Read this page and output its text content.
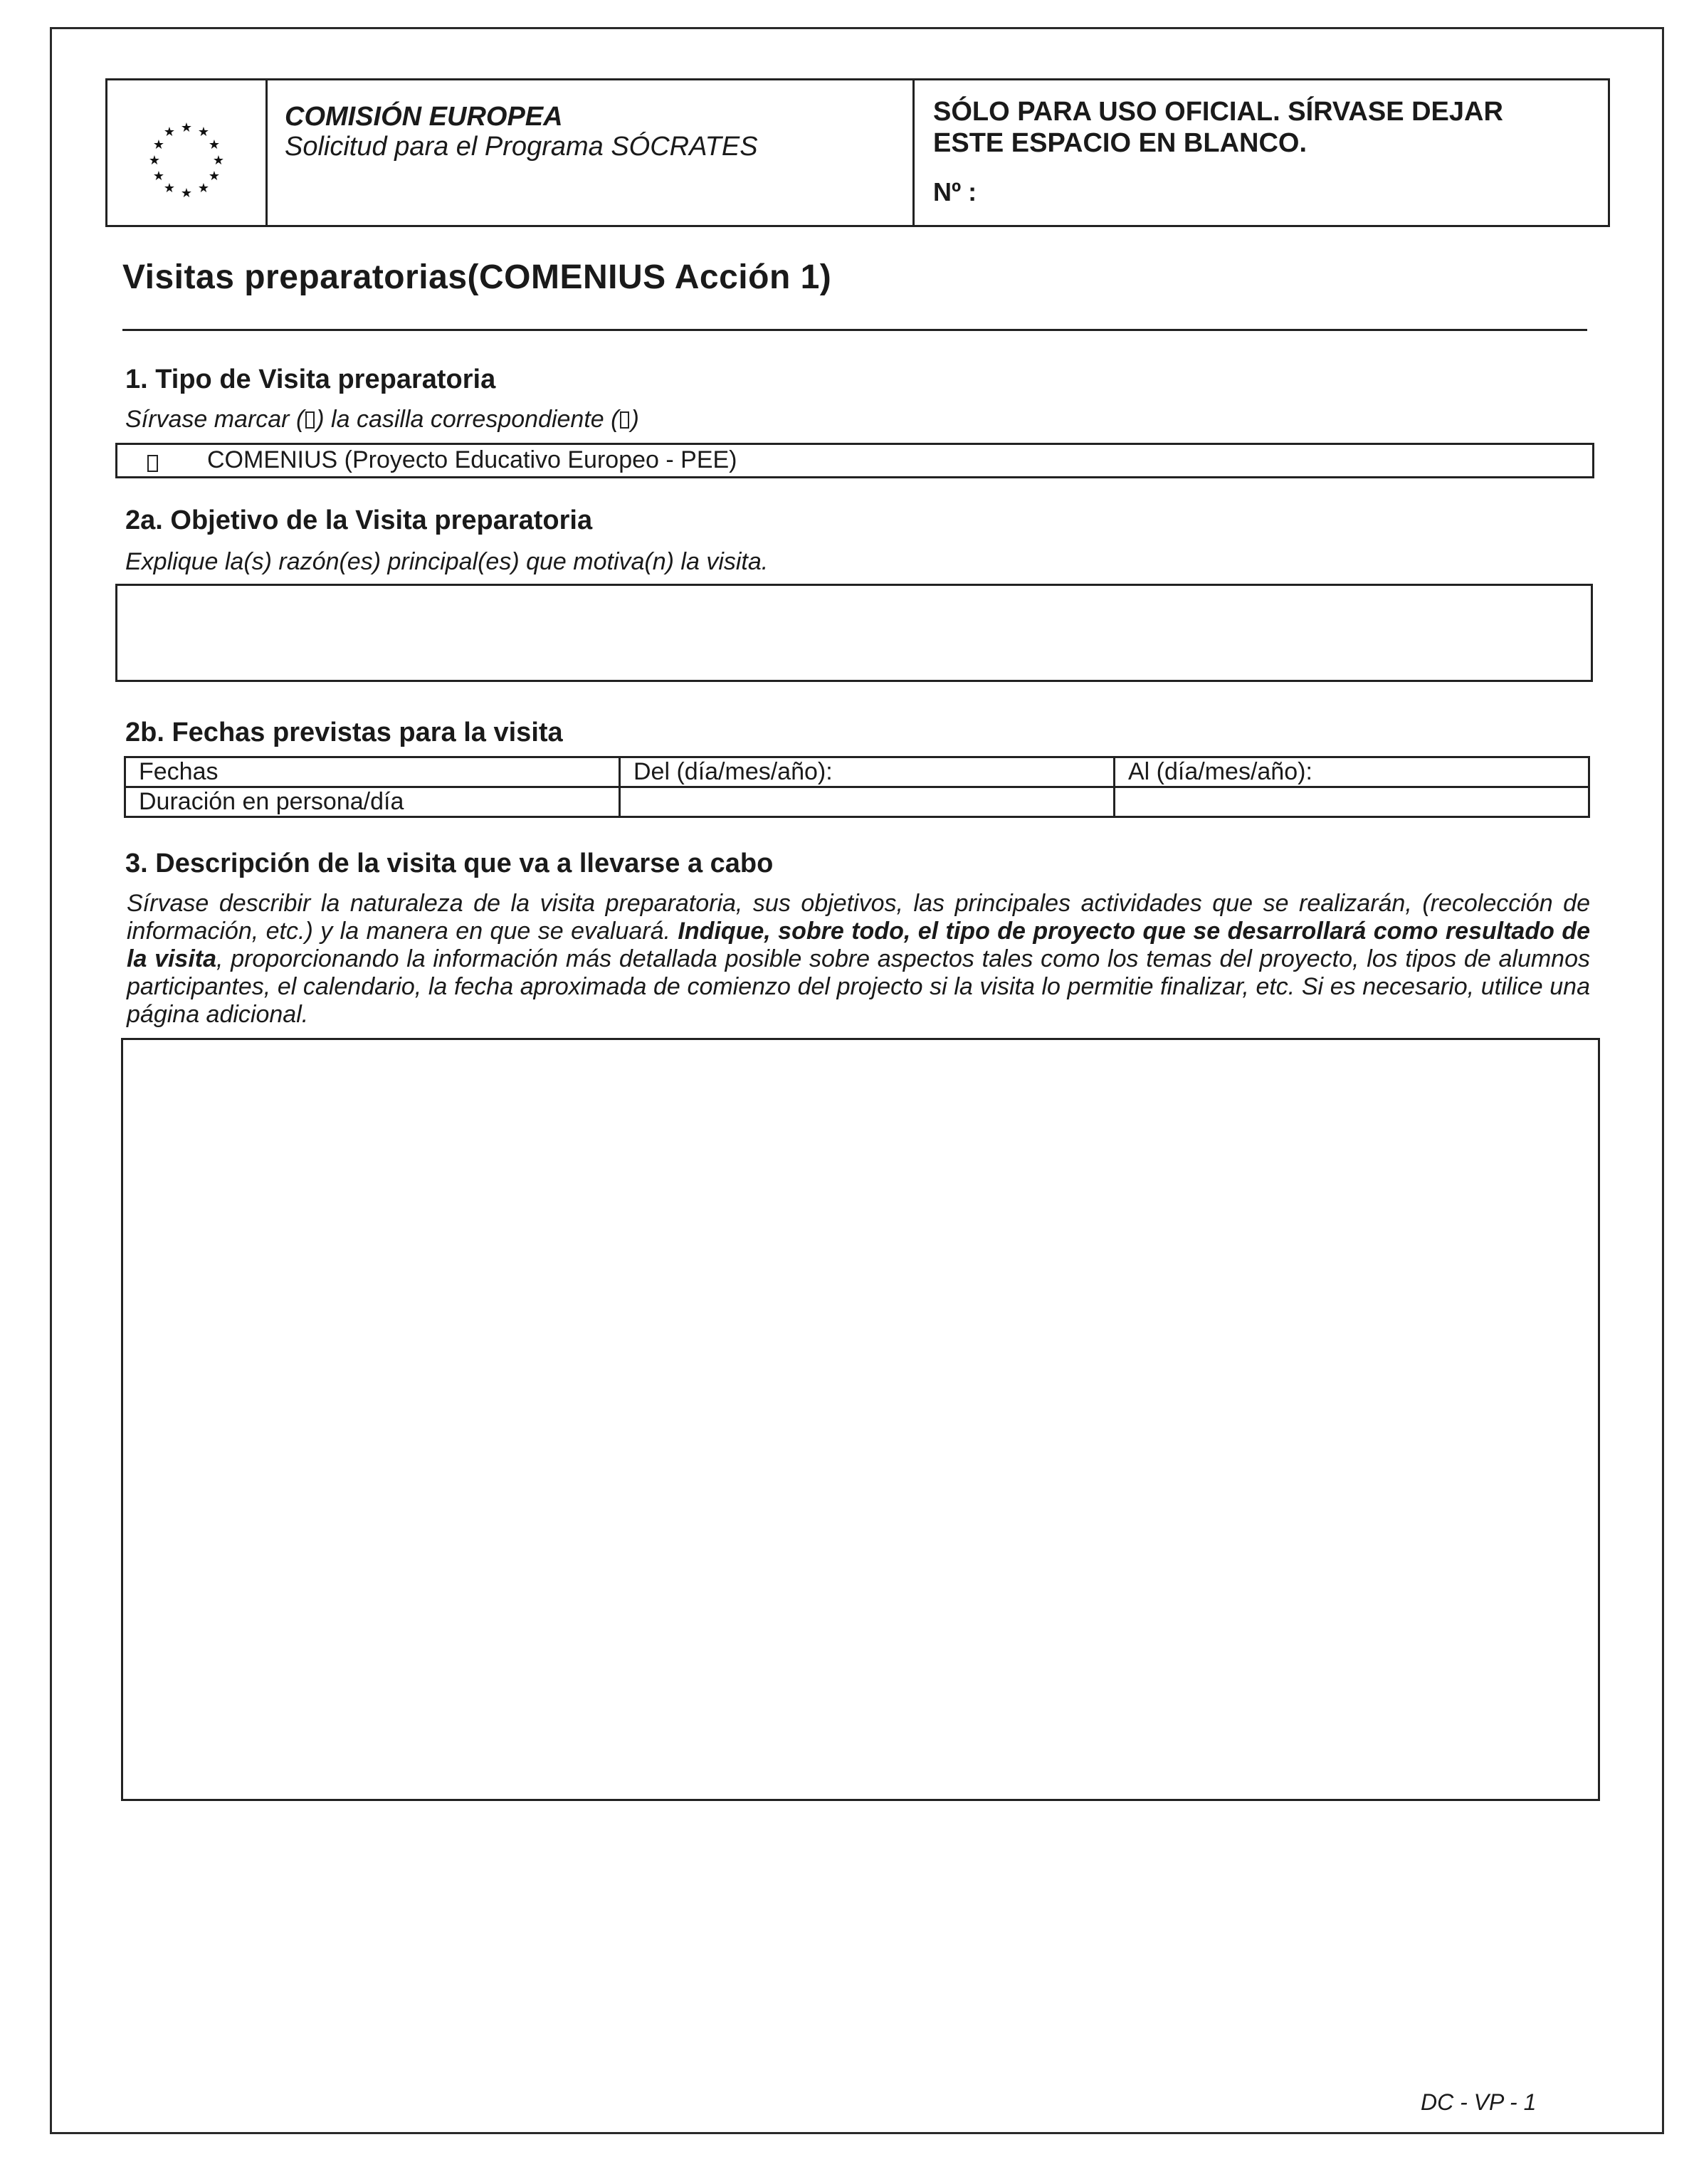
★ ★
★
★
★
★
★
★
★
★
★
★
COMISIÓN EUROPEA
Solicitud para el Programa SÓCRATES
SÓLO PARA USO OFICIAL. SÍRVASE DEJAR
ESTE ESPACIO EN BLANCO.
Nº :
Visitas preparatorias(COMENIUS Acción 1)
1. Tipo de Visita preparatoria
Sírvase marcar ( ) la casilla correspondiente ( )
COMENIUS (Proyecto Educativo Europeo - PEE)
2a. Objetivo de la Visita preparatoria
Explique la(s) razón(es) principal(es) que motiva(n) la visita.
2b. Fechas previstas para la visita
Fechas	Del (día/mes/año):	Al (día/mes/año):
Duración en persona/día		
3. Descripción de la visita que va a llevarse a cabo
Sírvase describir la naturaleza de la visita preparatoria, sus objetivos, las principales actividades que se realizarán, (recolección de información, etc.) y la manera en que se evaluará. Indique, sobre todo, el tipo de proyecto que se desarrollará como resultado de la visita, proporcionando la información más detallada posible sobre aspectos tales como los temas del proyecto, los tipos de alumnos participantes, el calendario, la fecha aproximada de comienzo del projecto si la visita lo permitie finalizar, etc. Si es necesario, utilice una página adicional.
DC - VP - 1
